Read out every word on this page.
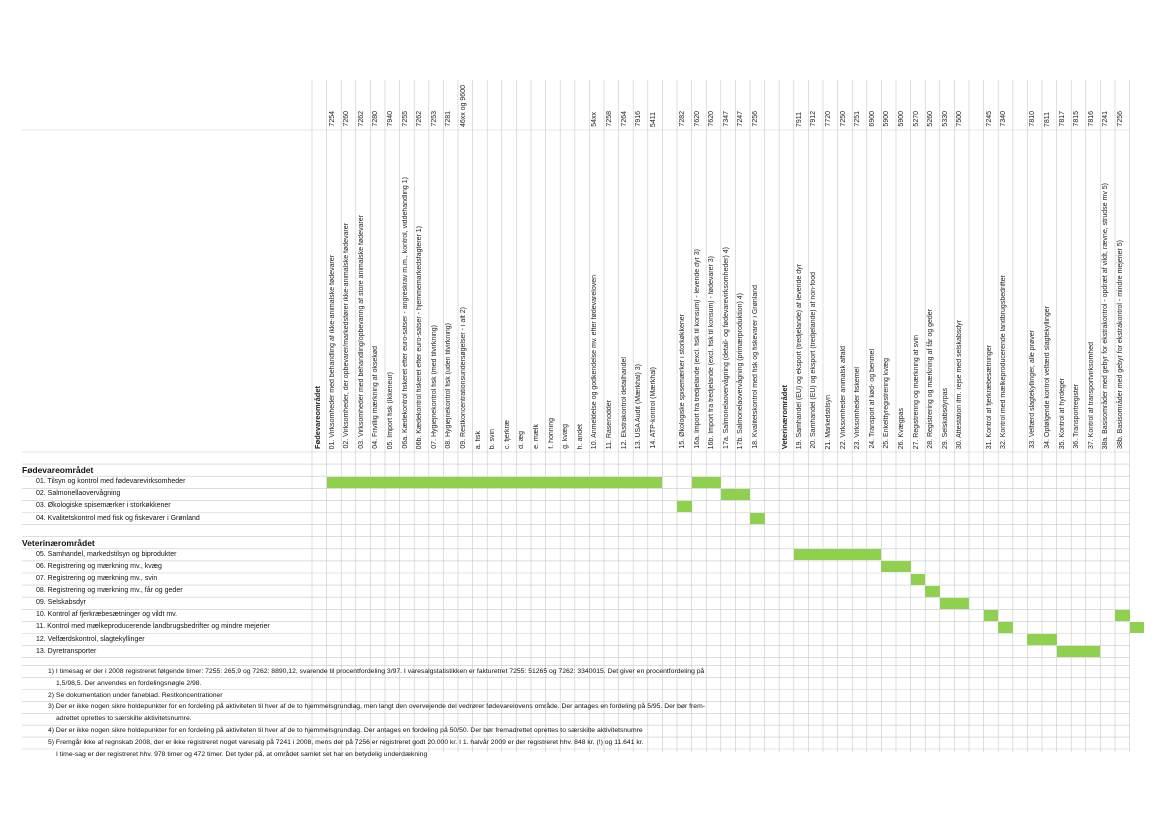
Fødevareområdet
7254
01. Virksomheder med behandling af ikke-animalske fødevarer
7260
02. Virksomheder, der opbevarer/markedsfører ikke-animalske fødevarer
7262
03. Virksomheder med behandling/opbevaring af store animalske fødevarer
7280
04. Frivillig mærkning af oksekød
7940
05. Import fisk (Ikkeneur)
7255
06a. Kædekontrol fiskeret efter euro-satser - angreskrav m.m., kontrol, viddehandling 1)
7262
06b. Kædekontrol fiskeret efter euro-satser - hjemmemarkedsfagterer 1)
7253
07. Hygiejnekontrol fisk (med tilvirkning)
7281
08. Hygiejnekontrol fisk (uden tilvirkning)
46xx og 9600
09. Restkoncentrationsundersøgelser - i alt 2) a. fisk b. svin c. fjerkræ d. æg e. mælk f. honning g. kvæg h. andet
54xx
10. Anmeldelse og godkendelse mv. efter fødevareloven
7258
11. Rasenodder
7264
12. Ekstrakontrol detailhandel
7916
13. USA Audit (Mærkhal) 3)
5411
14. ATP-kontrol (Mærkhal)
7282
15. Økologiske spisemærker i storkøkkener
7620
16a. Import fra tredjelande (excl. fisk til konsum) - levende dyr 3)
7620
16b. Import fra tredjelande (excl. fisk til konsum) - fødevarer 3)
7347
17a. Salmonelaovervågning (detail- og fødevarevirksomheder) 4)
7247
17b. Salmonelaovervågning (primærproduktion) 4)
7256
18. Kvalitetskontrol med fisk og fiskevarer i Grønland	Veterinærområdet
7911
19. Samhandel (EU) og eksport (tredjelande) af levende dyr
7912
20. Samhandel (EU) og eksport (tredjelande) af non-food
7720
21. Markedstilsyn
7250
22. Virksomheder animalsk affald
7251
23. Virksomheder fiskemel
6900
24. Transport af kød- og benmel
5900
25. Enkelttyregistrering kvæg
5900
26. Kvægpas
5270
27. Registrering og mærkning af svin
5260
28. Registrering og mærkning af får og geder
5330
29. Selskabsdyrpas
7500
30. Attestation ifm. rejse med selskabsdyr
7245
31. Kontrol af fjerkræbesætninger
7340
32. Kontrol med mælkeproducerende landbrugsbedrifter
7810
33. Velfærd slagtekyllinger, alle prøver
7811
34. Opfølgende kontrol velfærd slagtekyllinger
7817
35. Kontrol af hyrdeger
7815
36. Transportregister
7816
37. Kontrol af transportvirksomhed
7241
38a. Basisområder med gebyr for ekstrakontrol - opdræt af vildt, rævne, strudse mv 5)
7256
38b. Basisområder med gebyr for ekstrakontrol - mindre mejerier 5)
Fødevareområdet
01. Tilsyn og kontrol med fødevarevirksomheder
02. Salmonellaovervågning
03. Økologiske spisemærker i storkøkkener
04. Kvalitetskontrol med fisk og fiskevarer i Grønland
Veterinærområdet
05. Samhandel, markedstilsyn og biprodukter
06. Registrering og mærkning mv., kvæg
07. Registrering og mærkning mv., svin
08. Registrering og mærkning mv., får og geder
09. Selskabsdyr
10. Kontrol af fjerkræbesætninger og vildt mv.
11. Kontrol med mælkeproducerende landbrugsbedrifter og mindre mejerier
12. Velfærdskontrol, slagtekyllinger
13. Dyretransporter
1) I timesag er der i 2008 registreret følgende timer: 7255: 265,9 og 7262: 8890,12, svarende til procentfordeling 3/97. I varesalgstatistikken er fakturetret 7255: 51265 og 7262: 3340015. Det giver en procentfordeling på
1,5/98,5. Der anvendes en fordelingsnøgle 2/98.
2) Se dokumentation under faneblad. Restkoncentrationer
3) Der er ikke nogen sikre holdepunkter for en fordeling på aktiviteten til hver af de to hjemmelsgrundlag, men langt den overvejende del vedrører fødevarelovens område. Der antages en fordeling på 5/95. Der bør frem-
adrettet oprettes to særskilte aktivitetsnumre.
4) Der er ikke nogen sikre holdepunkter for en fordeling på aktiviteten til hver af de to hjemmelsgrundlag. Der antages en fordeling på 50/50. Der bør fremadrettet oprettes to særskilte aktivitetsnumre
5) Fremgår ikke af regnskab 2008, der er ikke registreret noget varesalg på 7241 i 2008, mens der på 7256 er registreret godt 20.000 kr. I 1. halvår 2009 er der registreret hhv. 848 kr. (!) og 11.641 kr.
I time-sag er der registreret hhv. 978 timer og 472 timer. Det tyder på, at området samlet set har en betydelig underdækning
